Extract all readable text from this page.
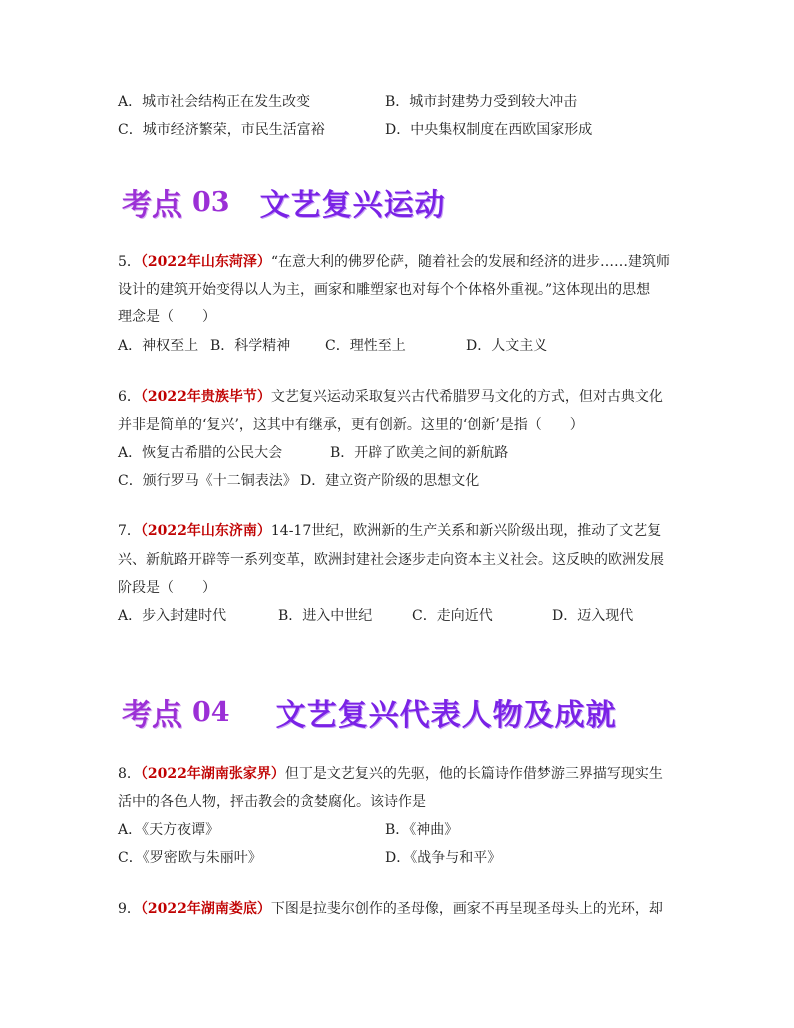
A．城市社会结构正在发生改变	B．城市封建势力受到较大冲击
C．城市经济繁荣，市民生活富裕	D．中央集权制度在西欧国家形成
考点 03 文艺复兴运动
5．（2022年山东菏泽）“在意大利的佛罗伦萨，随着社会的发展和经济的进步……建筑师
设计的建筑开始变得以人为主，画家和雕塑家也对每个个体格外重视。”这体现出的思想
理念是（　　）
A．神权至上 B．科学精神 C．理性至上	D．人文主义
6．（2022年贵族毕节）文艺复兴运动采取复兴古代希腊罗马文化的方式，但对古典文化
并非是简单的‘复兴’，这其中有继承，更有创新。这里的‘创新’是指（　　）
A．恢复古希腊的公民大会	B．开辟了欧美之间的新航路
C．颁行罗马《十二铜表法》 D．建立资产阶级的思想文化
7．（2022年山东济南）14-17世纪，欧洲新的生产关系和新兴阶级出现，推动了文艺复
兴、新航路开辟等一系列变革，欧洲封建社会逐步走向资本主义社会。这反映的欧洲发展
阶段是（　　）
A．步入封建时代	B．进入中世纪	C．走向近代	D．迈入现代
考点 04 文艺复兴代表人物及成就
8．（2022年湖南张家界）但丁是文艺复兴的先驱，他的长篇诗作借梦游三界描写现实生
活中的各色人物，抨击教会的贪婪腐化。该诗作是
A．《天方夜谭》	B．《神曲》
C．《罗密欧与朱丽叶》	D．《战争与和平》
9．（2022年湖南娄底）下图是拉斐尔创作的圣母像，画家不再呈现圣母头上的光环，却
